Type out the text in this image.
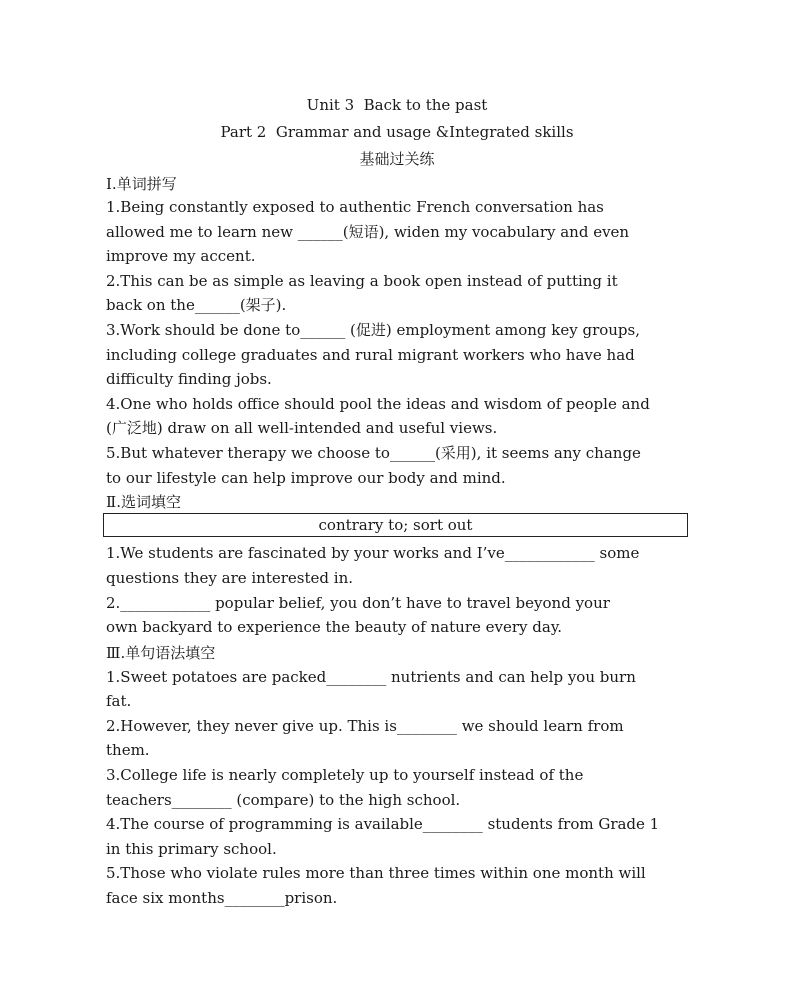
Unit 3  Back to the past
Part 2  Grammar and usage &Integrated skills
基础过关练
Ⅰ.单词拼写
1.Being constantly exposed to authentic French conversation has
allowed me to learn new ______(短语), widen my vocabulary and even
improve my accent.
2.This can be as simple as leaving a book open instead of putting it
back on the______(架子).
3.Work should be done to______ (促进) employment among key groups,
including college graduates and rural migrant workers who have had
difficulty finding jobs.
4.One who holds office should pool the ideas and wisdom of people and
(广泛地) draw on all well-intended and useful views.
5.But whatever therapy we choose to______(采用), it seems any change
to our lifestyle can help improve our body and mind.
Ⅱ.选词填空
contrary to; sort out
1.We students are fascinated by your works and I’ve____________ some
questions they are interested in.
2.____________ popular belief, you don’t have to travel beyond your
own backyard to experience the beauty of nature every day.
Ⅲ.单句语法填空
1.Sweet potatoes are packed________ nutrients and can help you burn
fat.
2.However, they never give up. This is________ we should learn from
them.
3.College life is nearly completely up to yourself instead of the
teachers________ (compare) to the high school.
4.The course of programming is available________ students from Grade 1
in this primary school.
5.Those who violate rules more than three times within one month will
face six months________prison.
